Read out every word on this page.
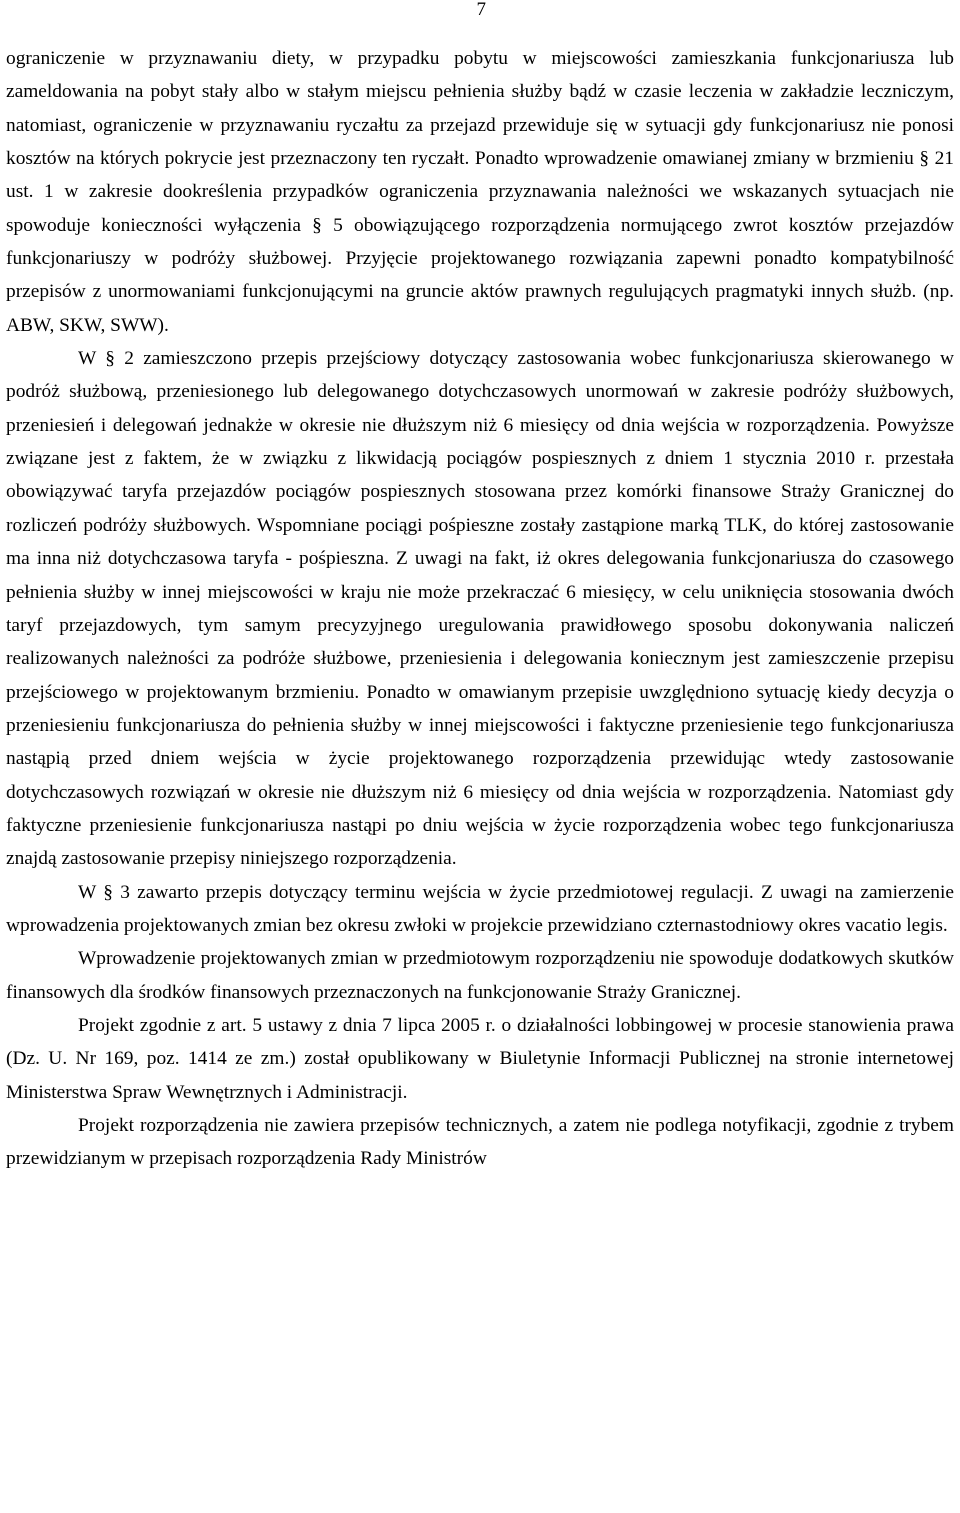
7

ograniczenie w przyznawaniu diety, w przypadku pobytu w miejscowości zamieszkania funkcjonariusza lub zameldowania na pobyt stały albo w stałym miejscu pełnienia służby bądź w czasie leczenia w zakładzie leczniczym, natomiast, ograniczenie w przyznawaniu ryczałtu za przejazd przewiduje się w sytuacji gdy funkcjonariusz nie ponosi kosztów na których pokrycie jest przeznaczony ten ryczałt. Ponadto wprowadzenie omawianej zmiany w brzmieniu § 21 ust. 1 w zakresie dookreślenia przypadków ograniczenia przyznawania należności we wskazanych sytuacjach nie spowoduje konieczności wyłączenia § 5 obowiązującego rozporządzenia normującego zwrot kosztów przejazdów funkcjonariuszy w podróży służbowej. Przyjęcie projektowanego rozwiązania zapewni ponadto kompatybilność przepisów z unormowaniami funkcjonującymi na gruncie aktów prawnych regulujących pragmatyki innych służb. (np. ABW, SKW, SWW).

W § 2 zamieszczono przepis przejściowy dotyczący zastosowania wobec funkcjonariusza skierowanego w podróż służbową, przeniesionego lub delegowanego dotychczasowych unormowań w zakresie podróży służbowych, przeniesień i delegowań jednakże w okresie nie dłuższym niż 6 miesięcy od dnia wejścia w rozporządzenia. Powyższe związane jest z faktem, że w związku z likwidacją pociągów pospiesznych z dniem 1 stycznia 2010 r. przestała obowiązywać taryfa przejazdów pociągów pospiesznych stosowana przez komórki finansowe Straży Granicznej do rozliczeń podróży służbowych. Wspomniane pociągi pośpieszne zostały zastąpione marką TLK, do której zastosowanie ma inna niż dotychczasowa taryfa - pośpieszna. Z uwagi na fakt, iż okres delegowania funkcjonariusza do czasowego pełnienia służby w innej miejscowości w kraju nie może przekraczać 6 miesięcy, w celu uniknięcia stosowania dwóch taryf przejazdowych, tym samym precyzyjnego uregulowania prawidłowego sposobu dokonywania naliczeń realizowanych należności za podróże służbowe, przeniesienia i delegowania koniecznym jest zamieszczenie przepisu przejściowego w projektowanym brzmieniu. Ponadto w omawianym przepisie uwzględniono sytuację kiedy decyzja o przeniesieniu funkcjonariusza do pełnienia służby w innej miejscowości i faktyczne przeniesienie tego funkcjonariusza nastąpią przed dniem wejścia w życie projektowanego rozporządzenia przewidując wtedy zastosowanie dotychczasowych rozwiązań w okresie nie dłuższym niż 6 miesięcy od dnia wejścia w rozporządzenia. Natomiast gdy faktyczne przeniesienie funkcjonariusza nastąpi po dniu wejścia w życie rozporządzenia wobec tego funkcjonariusza znajdą zastosowanie przepisy niniejszego rozporządzenia.

W § 3 zawarto przepis dotyczący terminu wejścia w życie przedmiotowej regulacji. Z uwagi na zamierzenie wprowadzenia projektowanych zmian bez okresu zwłoki w projekcie przewidziano czternastodniowy okres vacatio legis.

Wprowadzenie projektowanych zmian w przedmiotowym rozporządzeniu nie spowoduje dodatkowych skutków finansowych dla środków finansowych przeznaczonych na funkcjonowanie Straży Granicznej.

Projekt zgodnie z art. 5 ustawy z dnia 7 lipca 2005 r. o działalności lobbingowej w procesie stanowienia prawa (Dz. U. Nr 169, poz. 1414 ze zm.) został opublikowany w Biuletynie Informacji Publicznej na stronie internetowej Ministerstwa Spraw Wewnętrznych i Administracji.

Projekt rozporządzenia nie zawiera przepisów technicznych, a zatem nie podlega notyfikacji, zgodnie z trybem przewidzianym w przepisach rozporządzenia Rady Ministrów
